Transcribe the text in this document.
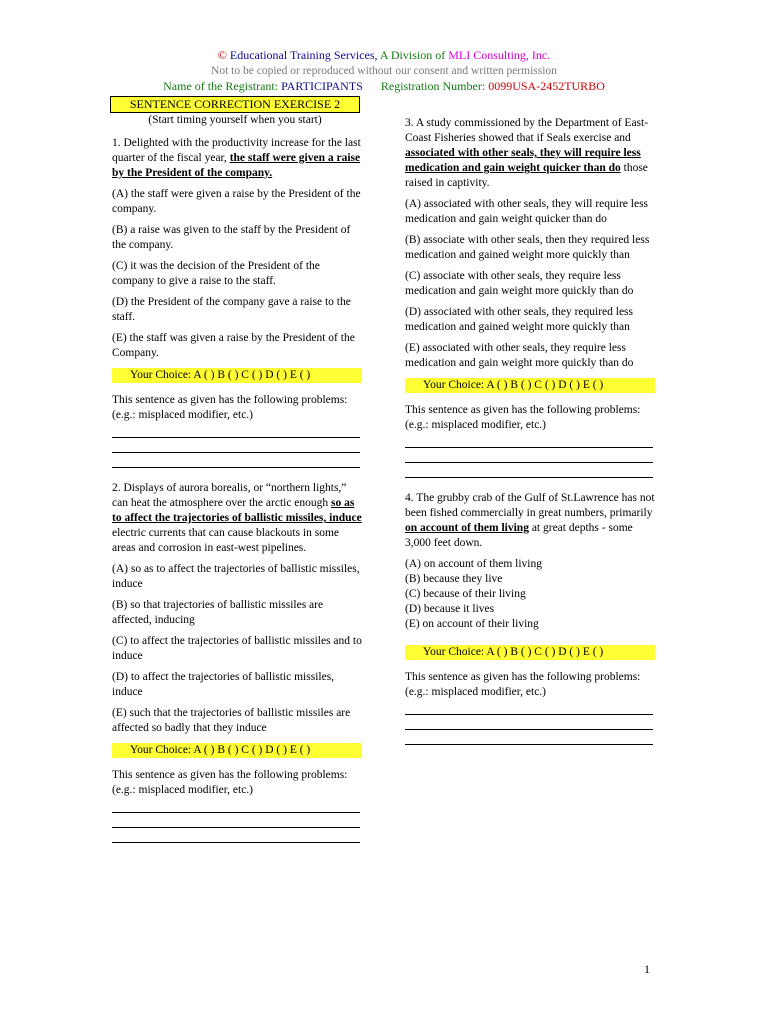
© Educational Training Services, A Division of MLI Consulting, Inc.
Not to be copied or reproduced without our consent and written permission
Name of the Registrant: PARTICIPANTS Registration Number: 0099USA-2452TURBO
SENTENCE CORRECTION EXERCISE 2
(Start timing yourself when you start)

1. Delighted with the productivity increase for the last quarter of the fiscal year, the staff were given a raise by the President of the company.

(A) the staff were given a raise by the President of the company.

(B) a raise was given to the staff by the President of the company.

(C) it was the decision of the President of the company to give a raise to the staff.

(D) the President of the company gave a raise to the staff.

(E) the staff was given a raise by the President of the Company.

Your Choice: A ( ) B ( ) C ( ) D ( ) E ( )

This sentence as given has the following problems: (e.g.: misplaced modifier, etc.)

2. Displays of aurora borealis, or “northern lights,” can heat the atmosphere over the arctic enough so as to affect the trajectories of ballistic missiles, induce electric currents that can cause blackouts in some areas and corrosion in east-west pipelines.

(A) so as to affect the trajectories of ballistic missiles, induce

(B) so that trajectories of ballistic missiles are affected, inducing

(C) to affect the trajectories of ballistic missiles and to induce

(D) to affect the trajectories of ballistic missiles, induce

(E) such that the trajectories of ballistic missiles are affected so badly that they induce

Your Choice: A ( ) B ( ) C ( ) D ( ) E ( )

This sentence as given has the following problems: (e.g.: misplaced modifier, etc.)

3. A study commissioned by the Department of East-Coast Fisheries showed that if Seals exercise and associated with other seals, they will require less medication and gain weight quicker than do those raised in captivity.

(A) associated with other seals, they will require less medication and gain weight quicker than do

(B) associate with other seals, then they required less medication and gained weight more quickly than

(C) associate with other seals, they require less medication and gain weight more quickly than do

(D) associated with other seals, they required less medication and gained weight more quickly than

(E) associated with other seals, they require less medication and gain weight more quickly than do

Your Choice: A ( ) B ( ) C ( ) D ( ) E ( )

This sentence as given has the following problems: (e.g.: misplaced modifier, etc.)

4. The grubby crab of the Gulf of St.Lawrence has not been fished commercially in great numbers, primarily on account of them living at great depths - some 3,000 feet down.

(A) on account of them living

(B) because they live

(C) because of their living

(D) because it lives

(E) on account of their living

Your Choice: A ( ) B ( ) C ( ) D ( ) E ( )

This sentence as given has the following problems: (e.g.: misplaced modifier, etc.)

1
